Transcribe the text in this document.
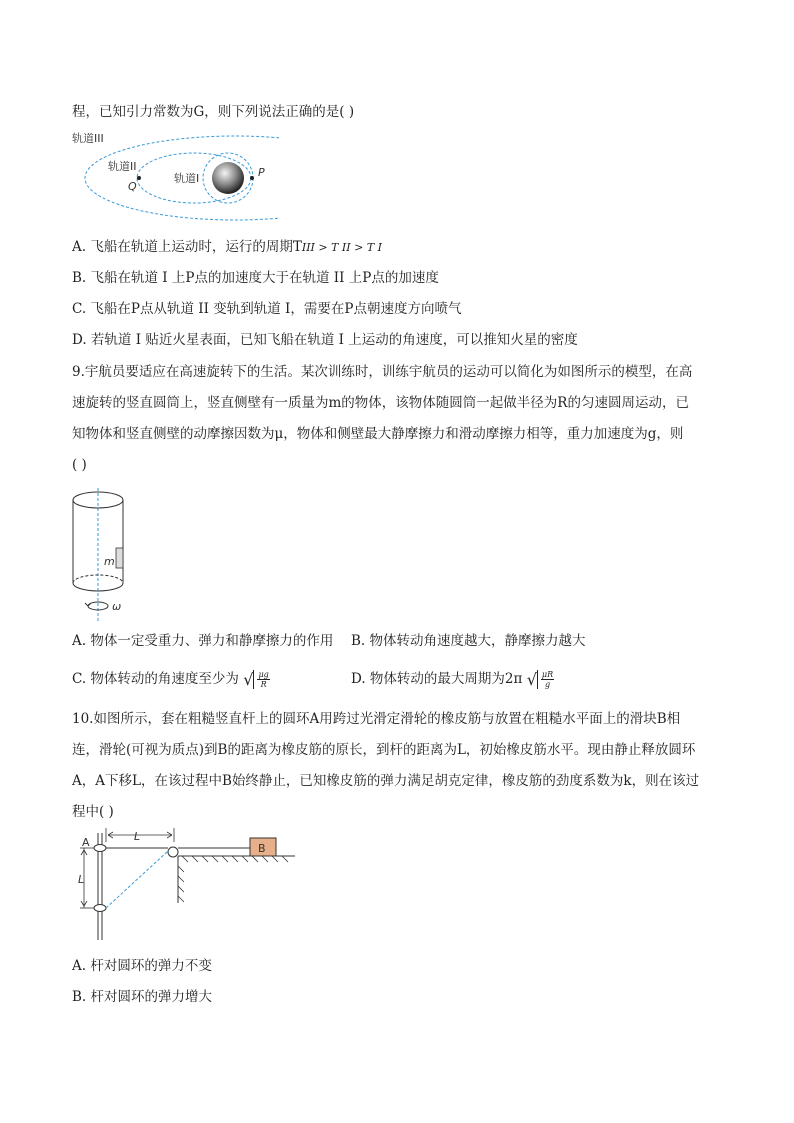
程，已知引力常数为G，则下列说法正确的是( )
轨道III
轨道II
Q
轨道I	P
A. 飞船在轨道上运动时，运行的周期TIII > T II > T I
B. 飞船在轨道 I 上P点的加速度大于在轨道 II 上P点的加速度
C. 飞船在P点从轨道 II 变轨到轨道 I，需要在P点朝速度方向喷气
D. 若轨道 I 贴近火星表面，已知飞船在轨道 I 上运动的角速度，可以推知火星的密度
9.宇航员要适应在高速旋转下的生活。某次训练时，训练宇航员的运动可以简化为如图所示的模型，在高
速旋转的竖直圆筒上，竖直侧壁有一质量为m的物体，该物体随圆筒一起做半径为R的匀速圆周运动，已
知物体和竖直侧壁的动摩擦因数为μ，物体和侧壁最大静摩擦力和滑动摩擦力相等，重力加速度为g，则
( )
m
ω
A. 物体一定受重力、弹力和静摩擦力的作用 B. 物体转动角速度越大，静摩擦力越大
C. 物体转动的角速度至少为 √ $\frac{\mu g}{R}$	D. 物体转动的最大周期为2π √ $\frac{\mu R}{g}$
10.如图所示，套在粗糙竖直杆上的圆环A用跨过光滑定滑轮的橡皮筋与放置在粗糙水平面上的滑块B相
连，滑轮(可视为质点)到B的距离为橡皮筋的原长，到杆的距离为L，初始橡皮筋水平。现由静止释放圆环
A，A下移L，在该过程中B始终静止，已知橡皮筋的弹力满足胡克定律，橡皮筋的劲度系数为k，则在该过
程中( )
A	L
L
B
A. 杆对圆环的弹力不变
B. 杆对圆环的弹力增大
